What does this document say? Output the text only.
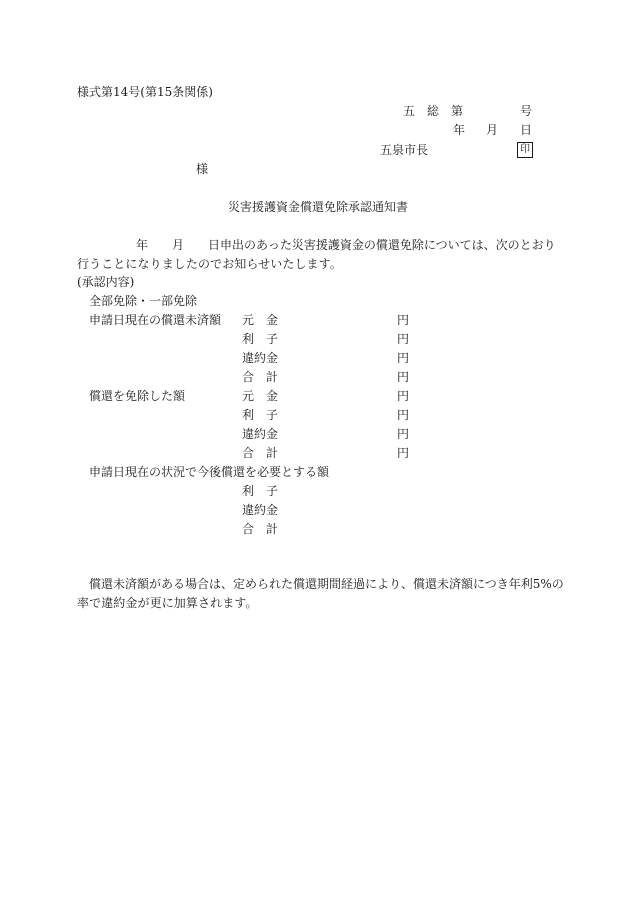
様式第14号(第15条関係)
五　総　第	号
年 月 日
五泉市長	印
様
災害援護資金償還免除承認通知書
年 月 日申出のあった災害援護資金の償還免除については、次のとおり
行うことになりましたのでお知らせいたします。
(承認内容)
全部免除・一部免除
申請日現在の償還未済額 元　金	円
利　子	円
違約金	円
合　計	円
償還を免除した額	元　金	円
利　子	円
違約金	円
合　計	円
申請日現在の状況で今後償還を必要とする額
利　子
違約金
合　計
償還未済額がある場合は、定められた償還期間経過により、償還未済額につき年利5%の
率で違約金が更に加算されます。
